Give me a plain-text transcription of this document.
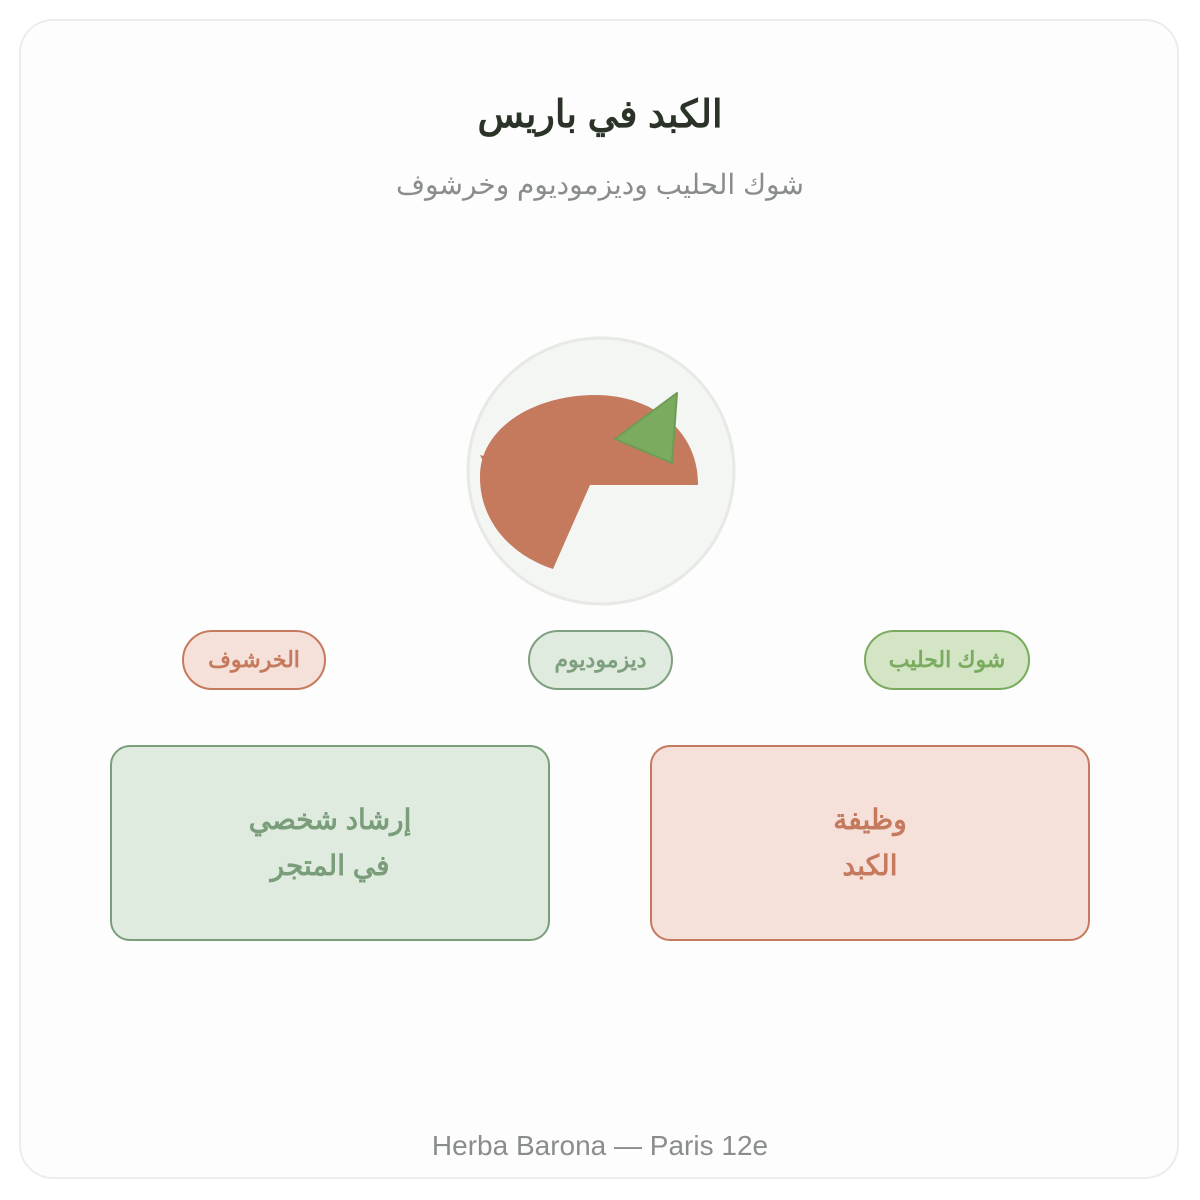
الكبد في باريس
شوك الحليب وديزموديوم وخرشوف
الخرشوف	ديزموديوم	شوك الحليب
إرشاد شخصي
في المتجر
وظيفة
الكبد
Herba Barona — Paris 12e
